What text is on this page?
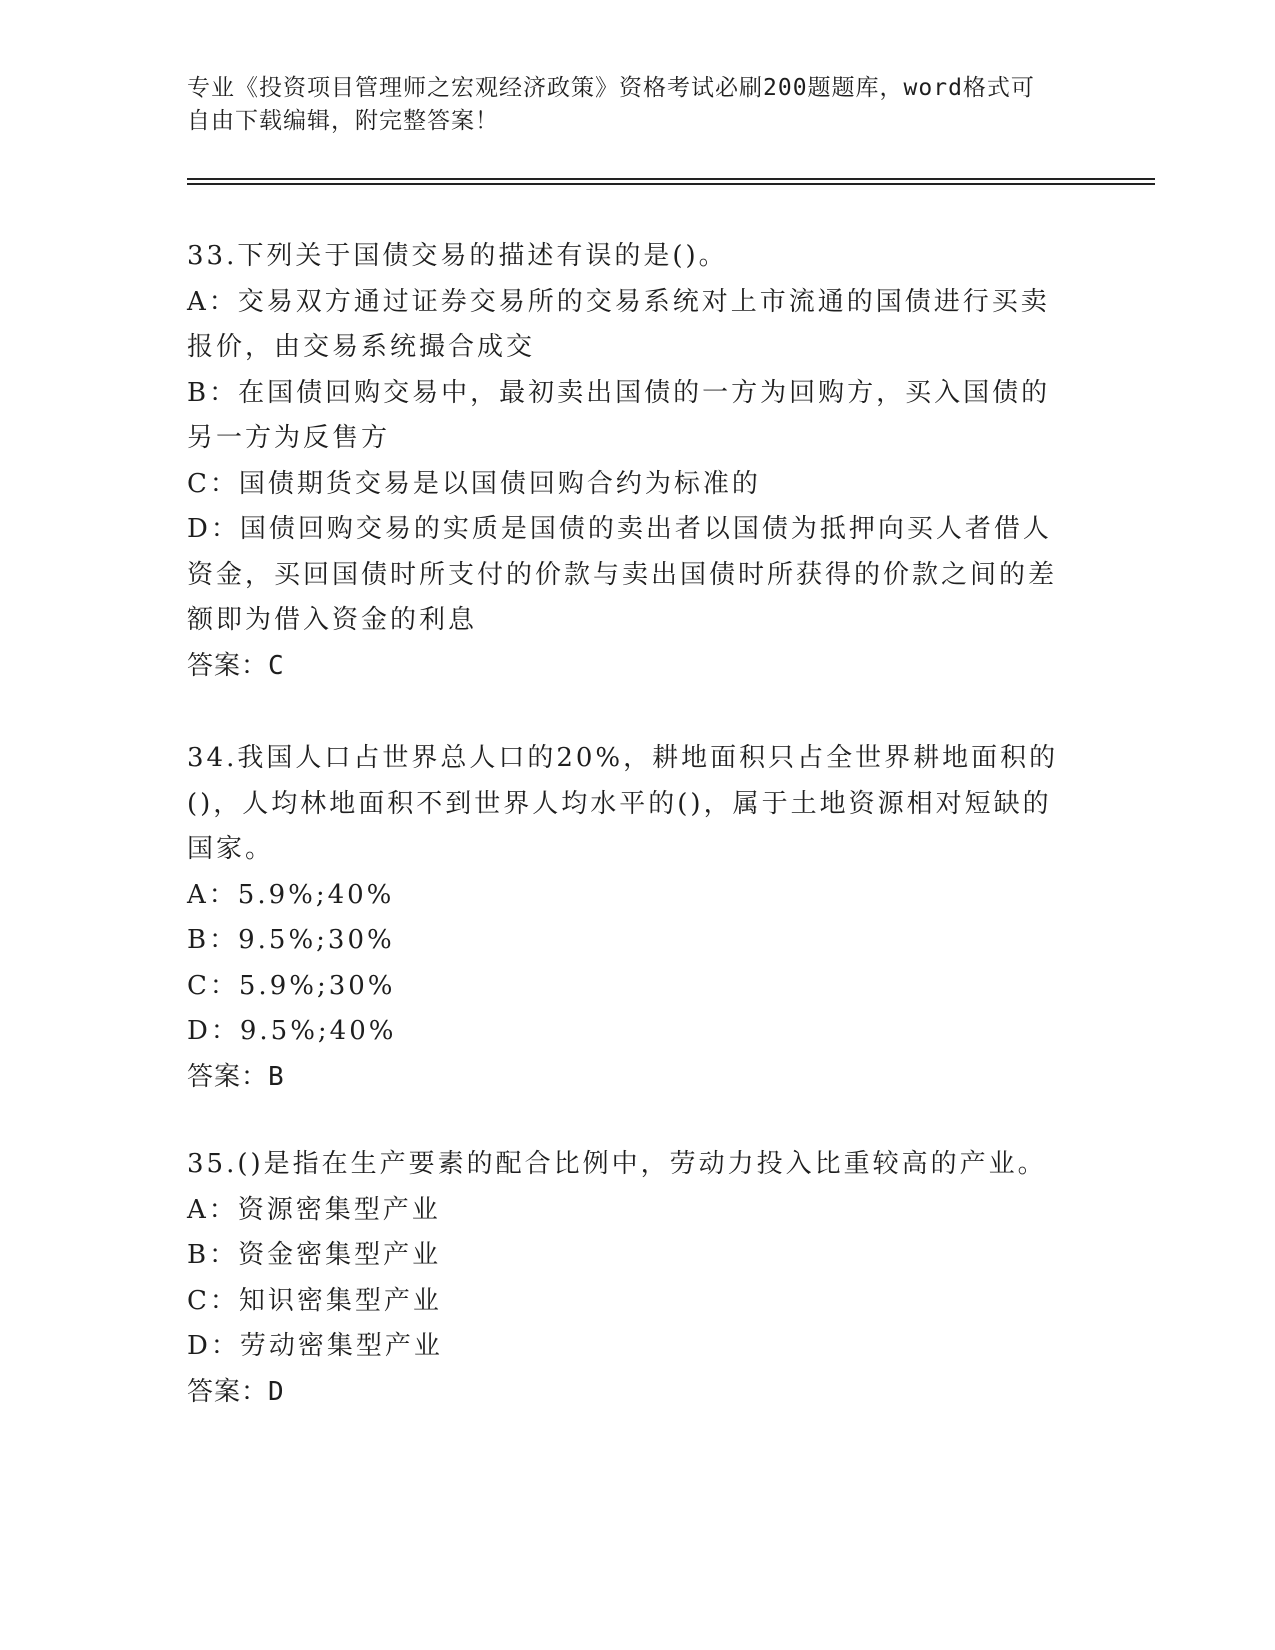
专业《投资项目管理师之宏观经济政策》资格考试必刷200题题库，word格式可
自由下载编辑，附完整答案！

33.下列关于国债交易的描述有误的是()。

A：交易双方通过证券交易所的交易系统对上市流通的国债进行买卖报价，由交易系统撮合成交

B：在国债回购交易中，最初卖出国债的一方为回购方，买入国债的另一方为反售方

C：国债期货交易是以国债回购合约为标准的

D：国债回购交易的实质是国债的卖出者以国债为抵押向买人者借人资金，买回国债时所支付的价款与卖出国债时所获得的价款之间的差额即为借入资金的利息

答案：C

34.我国人口占世界总人口的20%，耕地面积只占全世界耕地面积的()，人均林地面积不到世界人均水平的()，属于土地资源相对短缺的国家。

A：5.9%;40%

B：9.5%;30%

C：5.9%;30%

D：9.5%;40%

答案：B

35.()是指在生产要素的配合比例中，劳动力投入比重较高的产业。

A：资源密集型产业

B：资金密集型产业

C：知识密集型产业

D：劳动密集型产业

答案：D
